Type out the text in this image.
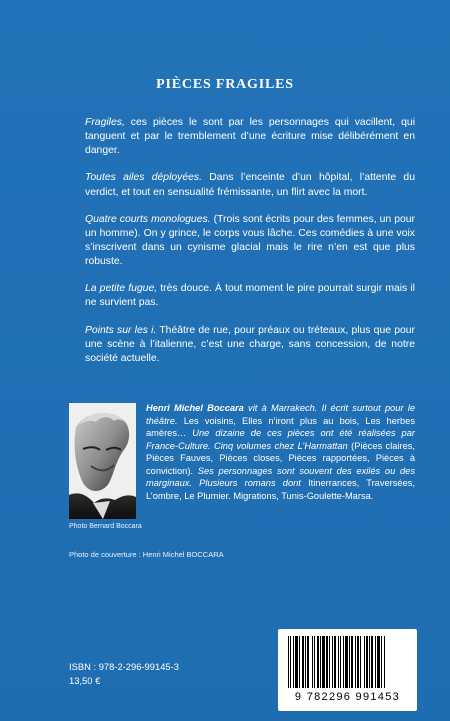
PIÈCES FRAGILES

Fragiles, ces pièces le sont par les personnages qui vacillent, qui tanguent et par le tremblement d’une écriture mise délibérément en danger.

Toutes ailes déployées. Dans l’enceinte d’un hôpital, l’attente du verdict, et tout en sensualité frémissante, un flirt avec la mort.

Quatre courts monologues. (Trois sont écrits pour des femmes, un pour un homme). On y grince, le corps vous lâche. Ces comédies à une voix s’inscrivent dans un cynisme glacial mais le rire n’en est que plus robuste.

La petite fugue, très douce. À tout moment le pire pourrait surgir mais il ne survient pas.

Points sur les i. Théâtre de rue, pour préaux ou tréteaux, plus que pour une scène à l’italienne, c’est une charge, sans concession, de notre société actuelle.

Photo Bernard Boccara

Henri Michel Boccara vit à Marrakech. Il écrit surtout pour le théâtre. Les voisins, Elles n’iront plus au bois, Les herbes amères… Une dizaine de ces pièces ont été réalisées par France-Culture. Cinq volumes chez L’Harmattan (Pièces claires, Pièces Fauves, Pièces closes, Pièces rapportées, Pièces à conviction). Ses personnages sont souvent des exilés ou des marginaux. Plusieurs romans dont Itinerrances, Traversées, L’ombre, Le Plumier. Migrations, Tunis-Goulette-Marsa.

Photo de couverture : Henri Michel BOCCARA
ISBN : 978-2-296-99145-3
13,50 €
9 782296 991453
